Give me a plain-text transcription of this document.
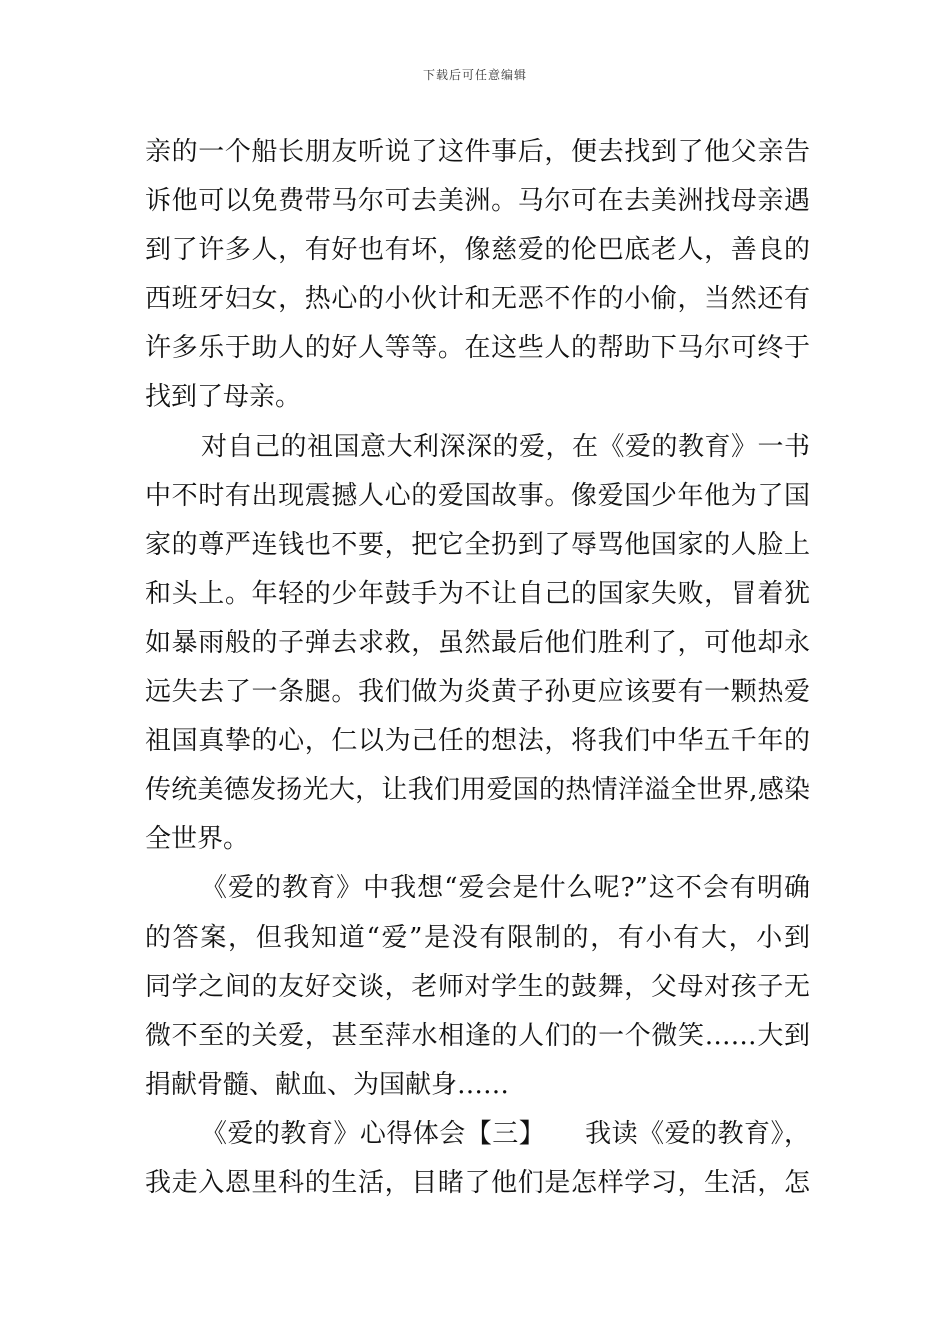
下载后可任意编辑
亲的一个船长朋友听说了这件事后，便去找到了他父亲告
诉他可以免费带马尔可去美洲。马尔可在去美洲找母亲遇
到了许多人，有好也有坏，像慈爱的伦巴底老人，善良的
西班牙妇女，热心的小伙计和无恶不作的小偷，当然还有
许多乐于助人的好人等等。在这些人的帮助下马尔可终于
找到了母亲。
对自己的祖国意大利深深的爱，在《爱的教育》一书
中不时有出现震撼人心的爱国故事。像爱国少年他为了国
家的尊严连钱也不要，把它全扔到了辱骂他国家的人脸上
和头上。年轻的少年鼓手为不让自己的国家失败，冒着犹
如暴雨般的子弹去求救，虽然最后他们胜利了，可他却永
远失去了一条腿。我们做为炎黄子孙更应该要有一颗热爱
祖国真挚的心，仁以为己任的想法，将我们中华五千年的
传统美德发扬光大，让我们用爱国的热情洋溢全世界,感染
全世界。
《爱的教育》中我想“爱会是什么呢?”这不会有明确
的答案，但我知道“爱”是没有限制的，有小有大，小到
同学之间的友好交谈，老师对学生的鼓舞，父母对孩子无
微不至的关爱，甚至萍水相逢的人们的一个微笑……大到
捐献骨髓、献血、为国献身……
《爱的教育》心得体会【三】　　我读《爱的教育》，
我走入恩里科的生活，目睹了他们是怎样学习，生活，怎
